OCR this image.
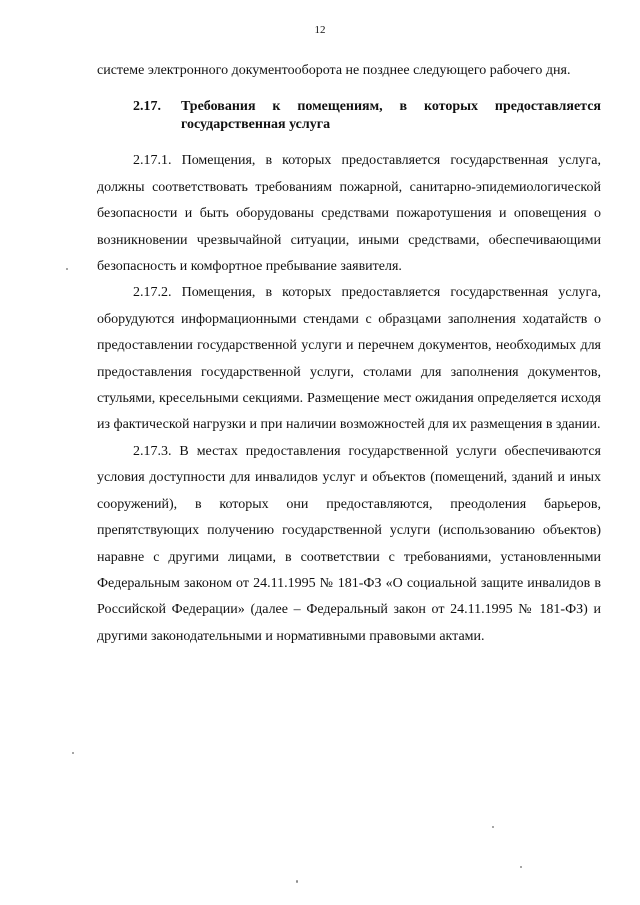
12

системе электронного документооборота не позднее следующего рабочего дня.

2.17.	Требования к помещениям, в которых предоставляется государственная услуга

2.17.1. Помещения, в которых предоставляется государственная услуга, должны соответствовать требованиям пожарной, санитарно-эпидемиологической безопасности и быть оборудованы средствами пожаротушения и оповещения о возникновении чрезвычайной ситуации, иными средствами, обеспечивающими безопасность и комфортное пребывание заявителя.

2.17.2. Помещения, в которых предоставляется государственная услуга, оборудуются информационными стендами с образцами заполнения ходатайств о предоставлении государственной услуги и перечнем документов, необходимых для предоставления государственной услуги, столами для заполнения документов, стульями, кресельными секциями. Размещение мест ожидания определяется исходя из фактической нагрузки и при наличии возможностей для их размещения в здании.

2.17.3. В местах предоставления государственной услуги обеспечиваются условия доступности для инвалидов услуг и объектов (помещений, зданий и иных сооружений), в которых они предоставляются, преодоления барьеров, препятствующих получению государственной услуги (использованию объектов) наравне с другими лицами, в соответствии с требованиями, установленными Федеральным законом от 24.11.1995 № 181-ФЗ «О социальной защите инвалидов в Российской Федерации» (далее – Федеральный закон от 24.11.1995 № 181-ФЗ) и другими законодательными и нормативными правовыми актами.
